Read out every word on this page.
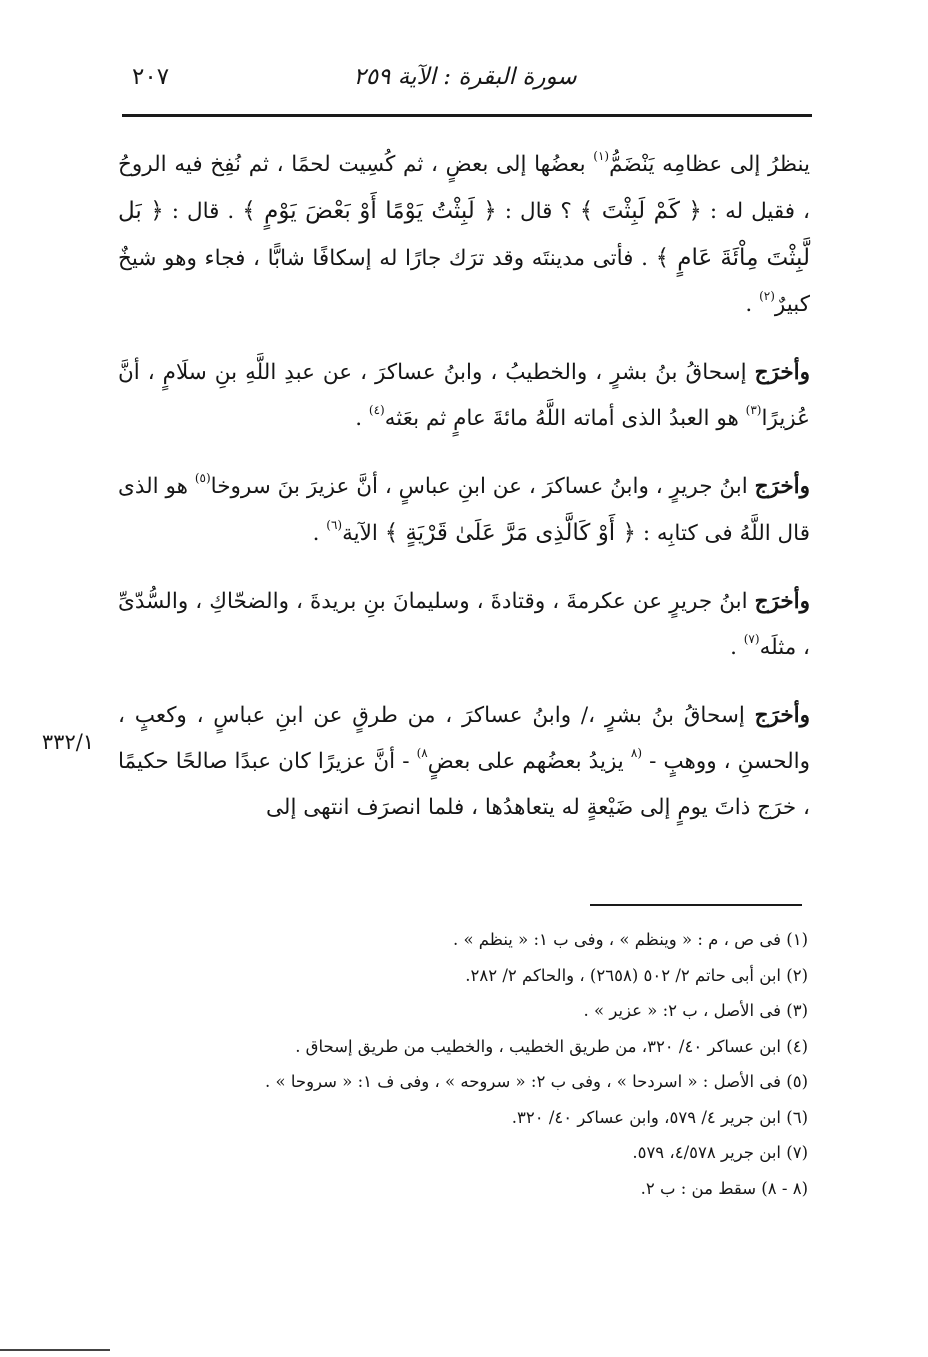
سورة البقرة : الآية ٢٥٩
٢٠٧

ينظرُ إلى عظامِه يَنْضَمُّ$^{(١)}$ بعضُها إلى بعضٍ ، ثم كُسِيت لحمًا ، ثم نُفِخ فيه الروحُ ، فقيل له : ﴿ كَمْ لَبِثْتَ ﴾ ؟ قال : ﴿ لَبِثْتُ يَوْمًا أَوْ بَعْضَ يَوْمٍ ﴾ . قال : ﴿ بَل لَّبِثْتَ مِاْئَةَ عَامٍ ﴾ . فأتى مدينتَه وقد ترَك جارًا له إسكافًا شابًّا ، فجاء وهو شيخٌ كبيرٌ$^{(٢)}$ .

وأخرَج إسحاقُ بنُ بشرٍ ، والخطيبُ ، وابنُ عساكرَ ، عن عبدِ اللَّهِ بنِ سلَامٍ ، أنَّ عُزيرًا$^{(٣)}$ هو العبدُ الذى أماته اللَّهُ مائةَ عامٍ ثم بعَثه$^{(٤)}$ .

وأخرَج ابنُ جريرٍ ، وابنُ عساكرَ ، عن ابنِ عباسٍ ، أنَّ عزيرَ بنَ سروخا$^{(٥)}$ هو الذى قال اللَّهُ فى كتابِه : ﴿ أَوْ كَالَّذِى مَرَّ عَلَىٰ قَرْيَةٍ ﴾ الآية$^{(٦)}$ .

وأخرَج ابنُ جريرٍ عن عكرمةَ ، وقتادةَ ، وسليمانَ بنِ بريدةَ ، والضحّاكِ ، والسُّدّىِّ ، مثلَه$^{(٧)}$ .

وأخرَج إسحاقُ بنُ بشرٍ ،/ وابنُ عساكرَ ، من طرقٍ عن ابنِ عباسٍ ، وكعبٍ ، والحسنِ ، ووهبٍ - $^{(٨}$ يزيدُ بعضُهم على بعضٍ$^{٨)}$ - أنَّ عزيرًا كان عبدًا صالحًا حكيمًا ، خرَج ذاتَ يومٍ إلى ضَيْعةٍ له يتعاهدُها ، فلما انصرَف انتهى إلى

٣٣٢/١
(١) فى ص ، م : « وينظم » ، وفى ب ١: « ينظم » .
(٢) ابن أبى حاتم ٢/ ٥٠٢ (٢٦٥٨) ، والحاكم ٢/ ٢٨٢.
(٣) فى الأصل ، ب ٢: « عزير » .
(٤) ابن عساكر ٤٠/ ٣٢٠، من طريق الخطيب ، والخطيب من طريق إسحاق .
(٥) فى الأصل : « اسردحا » ، وفى ب ٢: « سروحه » ، وفى ف ١: « سروحا » .
(٦) ابن جرير ٤/ ٥٧٩، وابن عساكر ٤٠/ ٣٢٠.
(٧) ابن جرير ٤/٥٧٨، ٥٧٩.
(٨ - ٨) سقط من : ب ٢.
